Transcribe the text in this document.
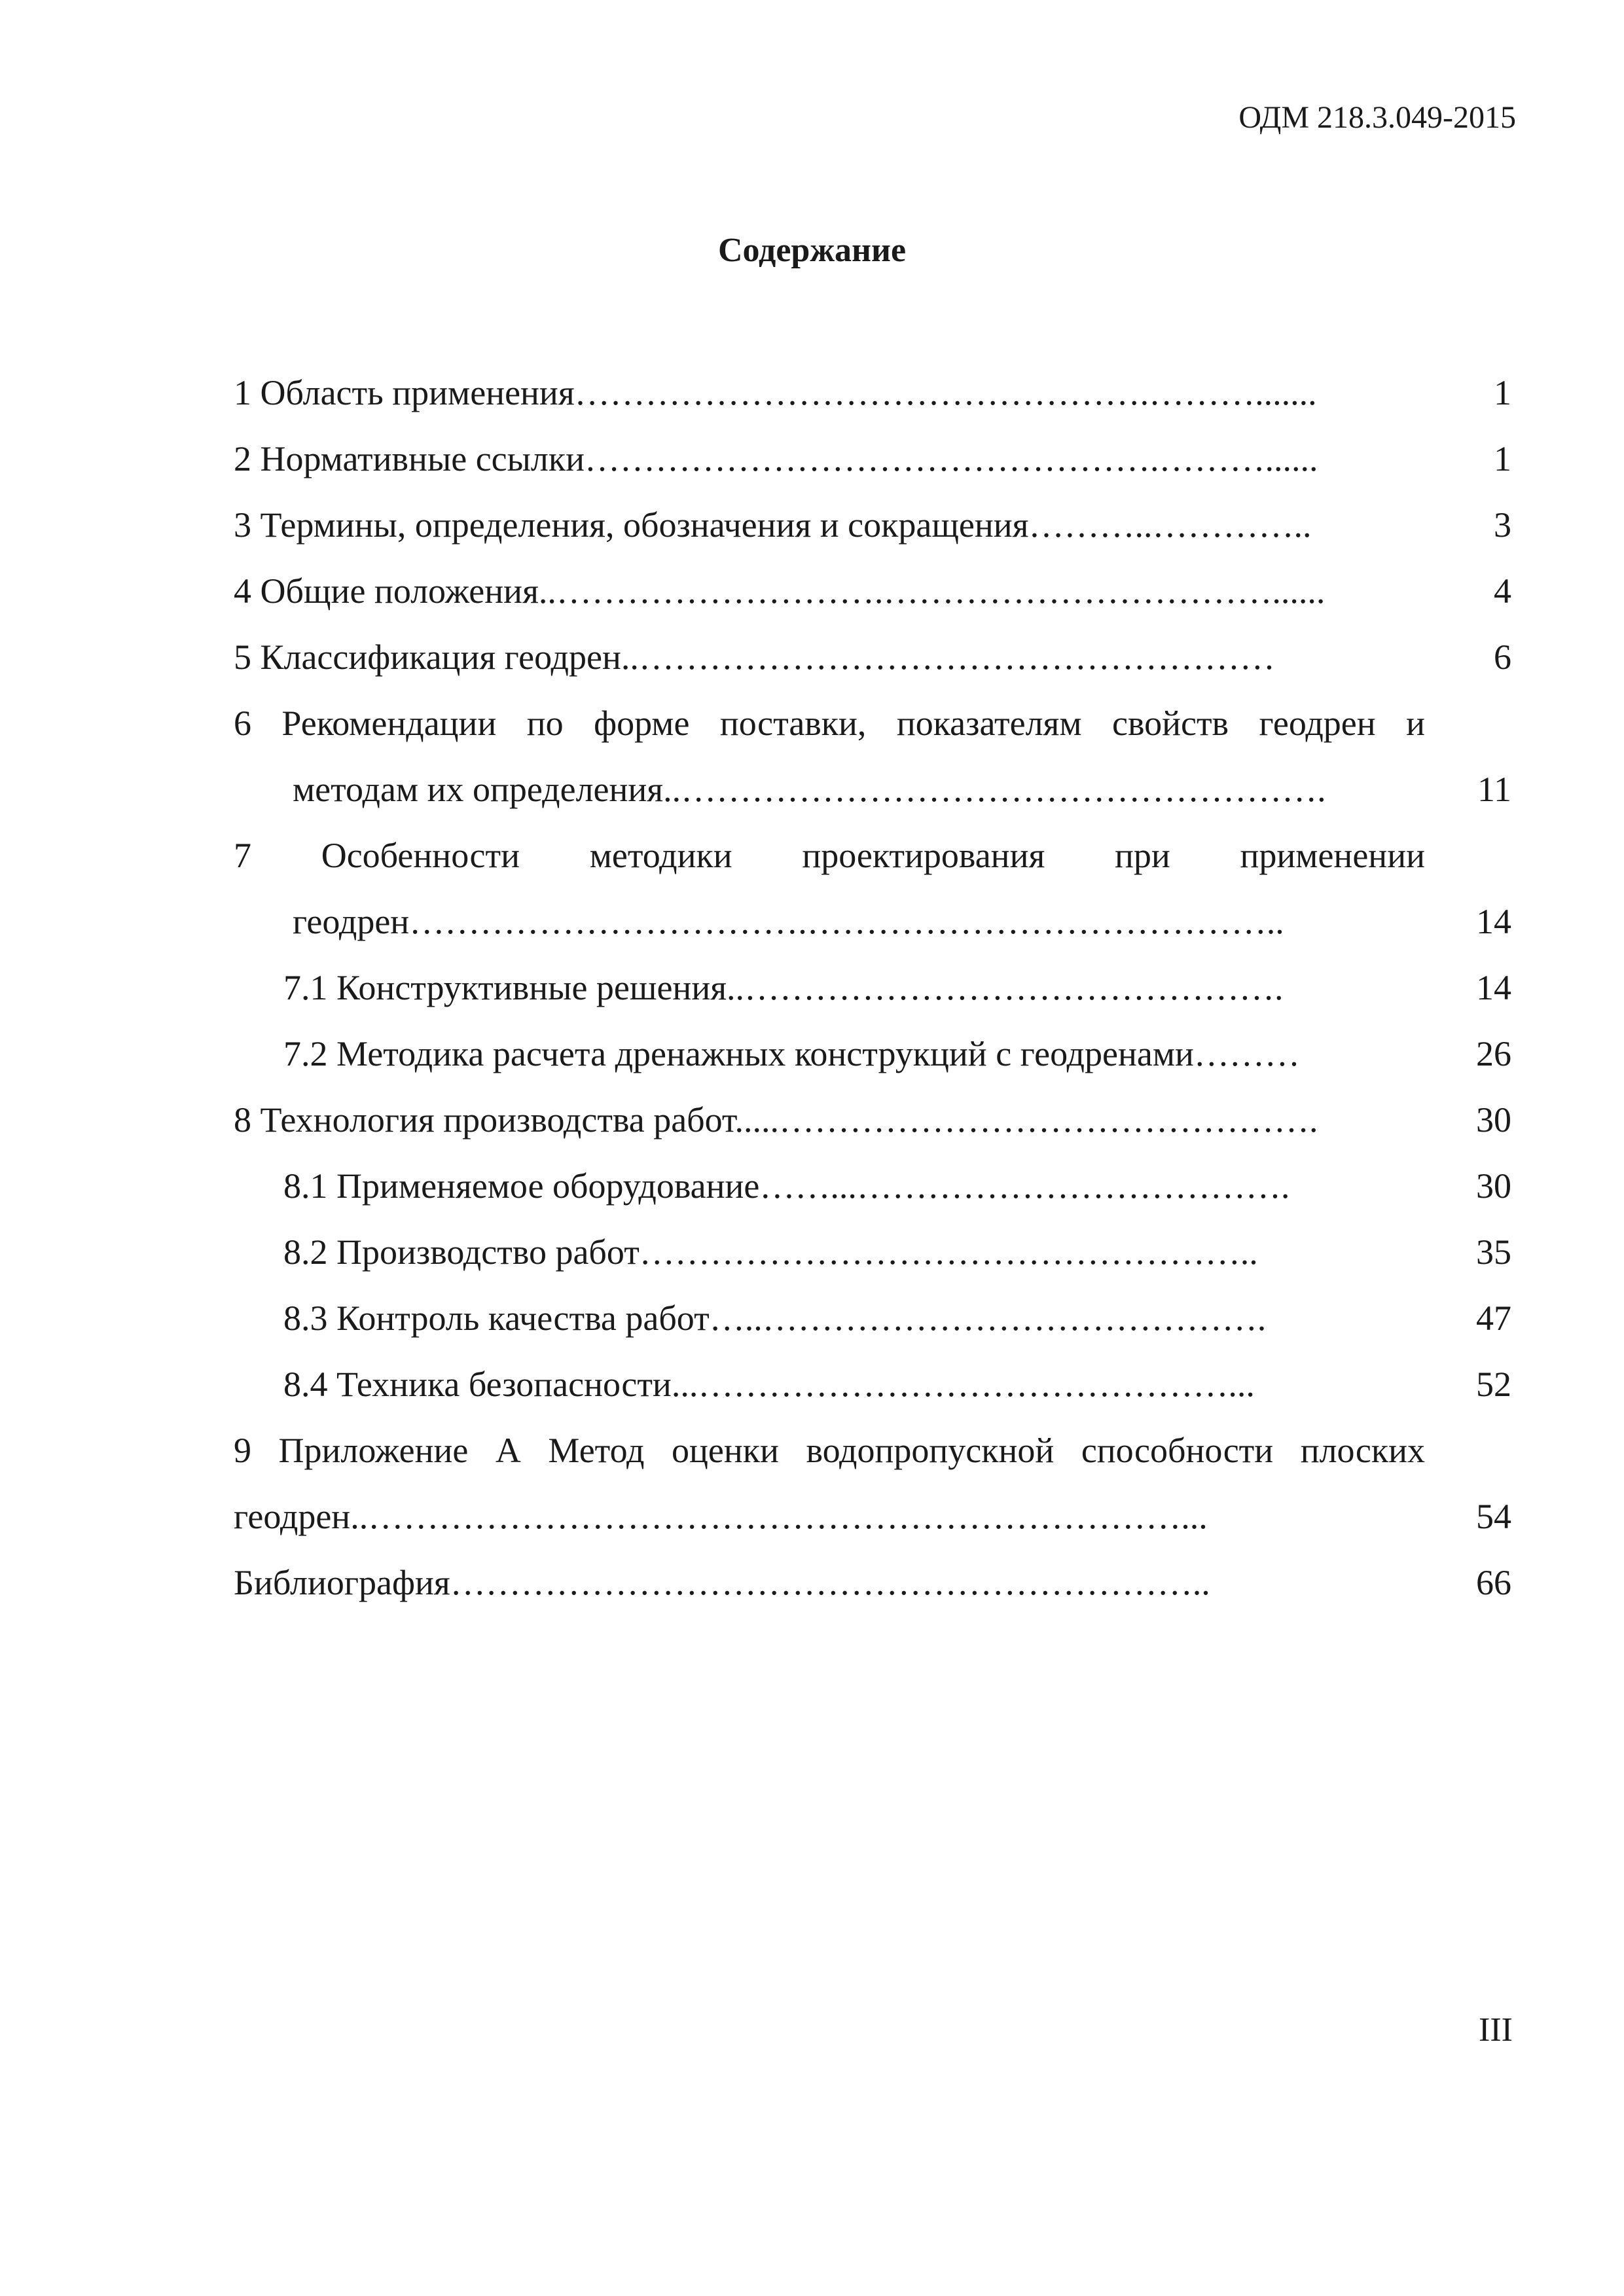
ОДМ 218.3.049-2015

Содержание
1 Область применения………………………………………….……….......	1
2 Нормативные ссылки………………………………………….………......	1
3 Термины, определения, обозначения и сокращения………..…………..	3
4 Общие положения..……………………….……………………………......	4
5 Классификация геодрен..………………………………………………	6
6 Рекомендации по форме поставки, показателям свойств геодрен и
методам их определения..……………………………………………….	11
7 Особенности методики проектирования при применении
геодрен…………………………….…………………………………..	14
7.1 Конструктивные решения..……………………………………….	14
7.2 Методика расчета дренажных конструкций с геодренами………	26
8 Технология производства работ.....……………………………………….	30
8.1 Применяемое оборудование……...……………………………….	30
8.2 Производство работ……………………………………………..	35
8.3 Контроль качества работ…..…………………………………….	47
8.4 Техника безопасности...………………………………………...	52
9 Приложение А Метод оценки водопропускной способности плоских
геодрен..……………………………………………………………...	54
Библиография………………………………………………………..	66

III
